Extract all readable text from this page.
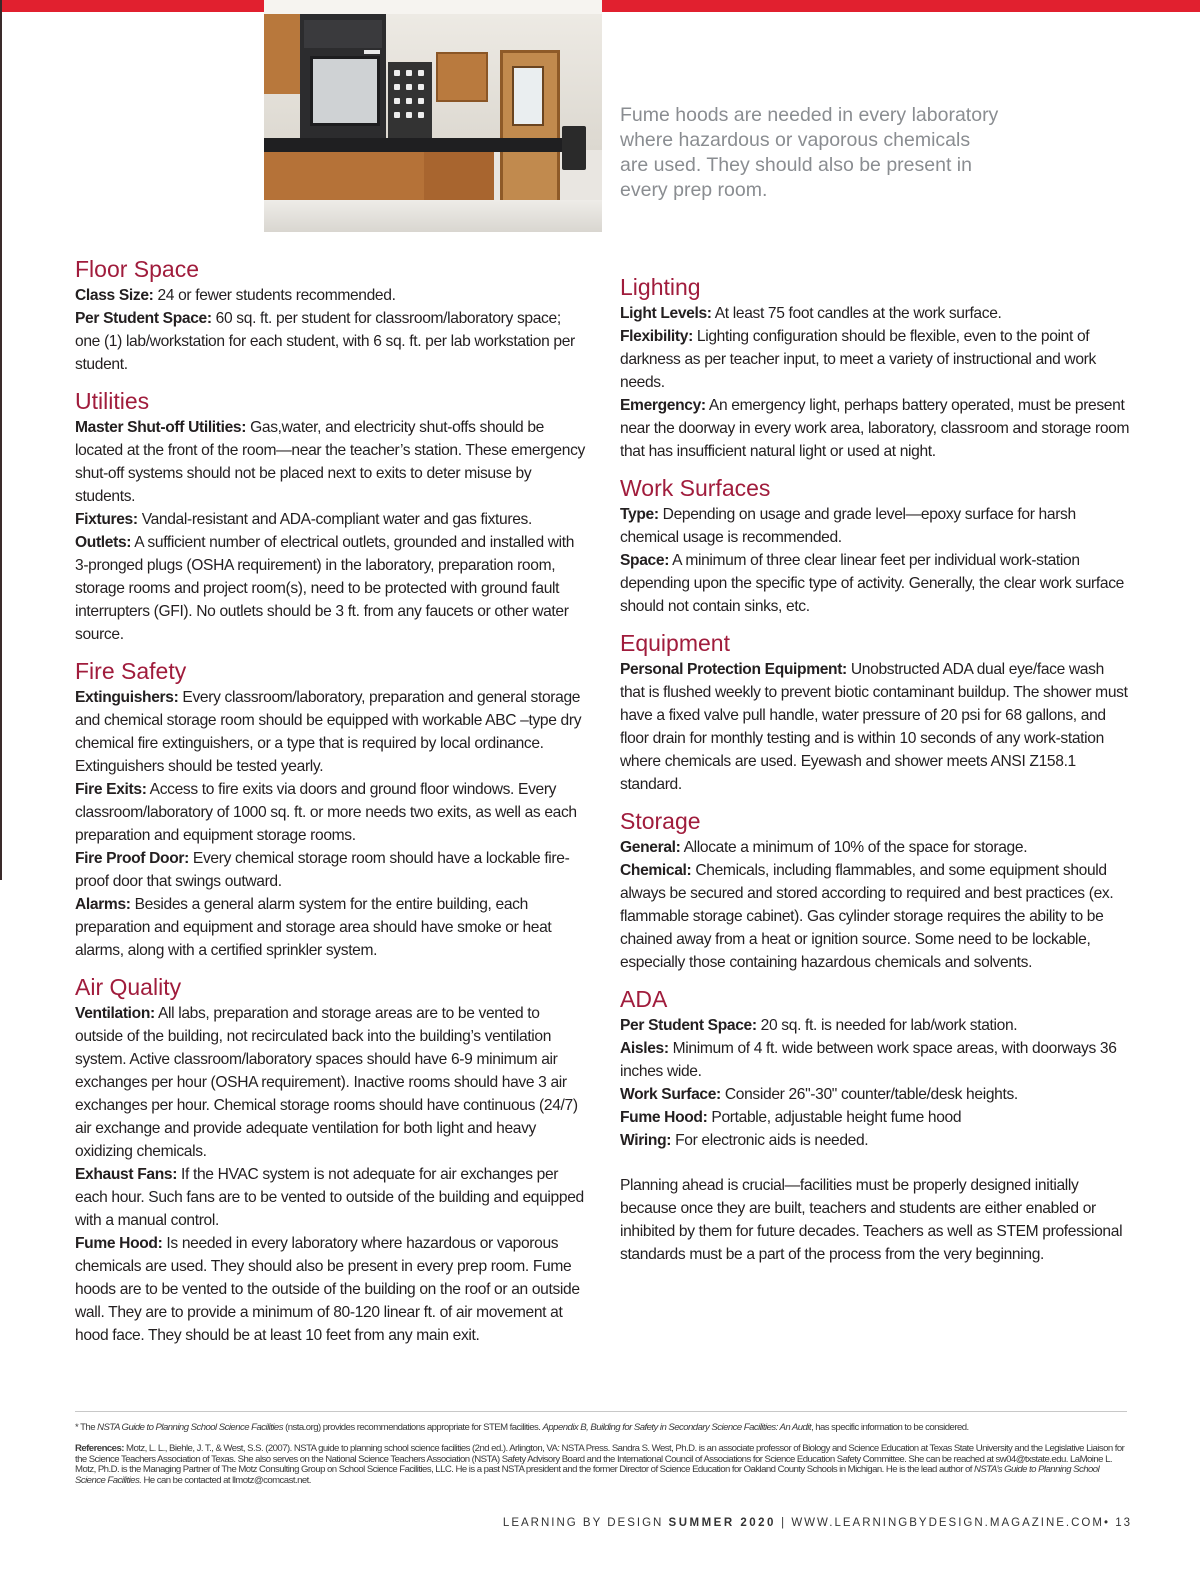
Fume hoods are needed in every laboratory
where hazardous or vaporous chemicals
are used. They should also be present in
every prep room.
Floor Space

Class Size: 24 or fewer students recommended.

Per Student Space: 60 sq. ft. per student for classroom/laboratory space; one (1) lab/workstation for each student, with 6 sq. ft. per lab workstation per student.

Utilities

Master Shut-off Utilities: Gas,water, and electricity shut-offs should be located at the front of the room—near the teacher’s station. These emergency shut-off systems should not be placed next to exits to deter misuse by students.

Fixtures: Vandal-resistant and ADA-compliant water and gas fixtures.

Outlets: A sufficient number of electrical outlets, grounded and installed with 3-pronged plugs (OSHA requirement) in the laboratory, preparation room, storage rooms and project room(s), need to be protected with ground fault interrupters (GFI). No outlets should be 3 ft. from any faucets or other water source.

Fire Safety

Extinguishers: Every classroom/laboratory, preparation and general storage and chemical storage room should be equipped with workable ABC –type dry chemical fire extinguishers, or a type that is required by local ordinance. Extinguishers should be tested yearly.

Fire Exits: Access to fire exits via doors and ground floor windows. Every classroom/laboratory of 1000 sq. ft. or more needs two exits, as well as each preparation and equipment storage rooms.

Fire Proof Door: Every chemical storage room should have a lockable fire-proof door that swings outward.

Alarms: Besides a general alarm system for the entire building, each preparation and equipment and storage area should have smoke or heat alarms, along with a certified sprinkler system.

Air Quality

Ventilation: All labs, preparation and storage areas are to be vented to outside of the building, not recirculated back into the building’s ventilation system. Active classroom/laboratory spaces should have 6-9 minimum air exchanges per hour (OSHA requirement). Inactive rooms should have 3 air exchanges per hour. Chemical storage rooms should have continuous (24/7) air exchange and provide adequate ventilation for both light and heavy oxidizing chemicals.

Exhaust Fans: If the HVAC system is not adequate for air exchanges per each hour. Such fans are to be vented to outside of the building and equipped with a manual control.

Fume Hood: Is needed in every laboratory where hazardous or vaporous chemicals are used. They should also be present in every prep room. Fume hoods are to be vented to the outside of the building on the roof or an outside wall. They are to provide a minimum of 80-120 linear ft. of air movement at hood face. They should be at least 10 feet from any main exit.

Lighting

Light Levels: At least 75 foot candles at the work surface.

Flexibility: Lighting configuration should be flexible, even to the point of darkness as per teacher input, to meet a variety of instructional and work needs.

Emergency: An emergency light, perhaps battery operated, must be present near the doorway in every work area, laboratory, classroom and storage room that has insufficient natural light or used at night.

Work Surfaces

Type: Depending on usage and grade level—epoxy surface for harsh chemical usage is recommended.

Space: A minimum of three clear linear feet per individual work-station depending upon the specific type of activity. Generally, the clear work surface should not contain sinks, etc.

Equipment

Personal Protection Equipment: Unobstructed ADA dual eye/face wash that is flushed weekly to prevent biotic contaminant buildup. The shower must have a fixed valve pull handle, water pressure of 20 psi for 68 gallons, and floor drain for monthly testing and is within 10 seconds of any work-station where chemicals are used. Eyewash and shower meets ANSI Z158.1 standard.

Storage

General: Allocate a minimum of 10% of the space for storage.

Chemical: Chemicals, including flammables, and some equipment should always be secured and stored according to required and best practices (ex. flammable storage cabinet). Gas cylinder storage requires the ability to be chained away from a heat or ignition source. Some need to be lockable, especially those containing hazardous chemicals and solvents.

ADA

Per Student Space: 20 sq. ft. is needed for lab/work station.

Aisles: Minimum of 4 ft. wide between work space areas, with doorways 36 inches wide.

Work Surface: Consider 26"-30" counter/table/desk heights.

Fume Hood: Portable, adjustable height fume hood

Wiring: For electronic aids is needed.

Planning ahead is crucial—facilities must be properly designed initially because once they are built, teachers and students are either enabled or inhibited by them for future decades. Teachers as well as STEM professional standards must be a part of the process from the very beginning.

* The NSTA Guide to Planning School Science Facilities (nsta.org) provides recommendations appropriate for STEM facilities. Appendix B, Building for Safety in Secondary Science Facilities: An Audit, has specific information to be considered.
References: Motz, L. L., Biehle, J. T., & West, S.S. (2007). NSTA guide to planning school science facilities (2nd ed.). Arlington, VA: NSTA Press. Sandra S. West, Ph.D. is an associate professor of Biology and Science Education at Texas State University and the Legislative Liaison for the Science Teachers Association of Texas. She also serves on the National Science Teachers Association (NSTA) Safety Advisory Board and the International Council of Associations for Science Education Safety Committee. She can be reached at sw04@txstate.edu. LaMoine L. Motz, Ph.D. is the Managing Partner of The Motz Consulting Group on School Science Facilities, LLC. He is a past NSTA president and the former Director of Science Education for Oakland County Schools in Michigan. He is the lead author of NSTA’s Guide to Planning School Science Facilities. He can be contacted at llmotz@comcast.net.
LEARNING BY DESIGN SUMMER 2020 | WWW.LEARNINGBYDESIGN.MAGAZINE.COM• 13
